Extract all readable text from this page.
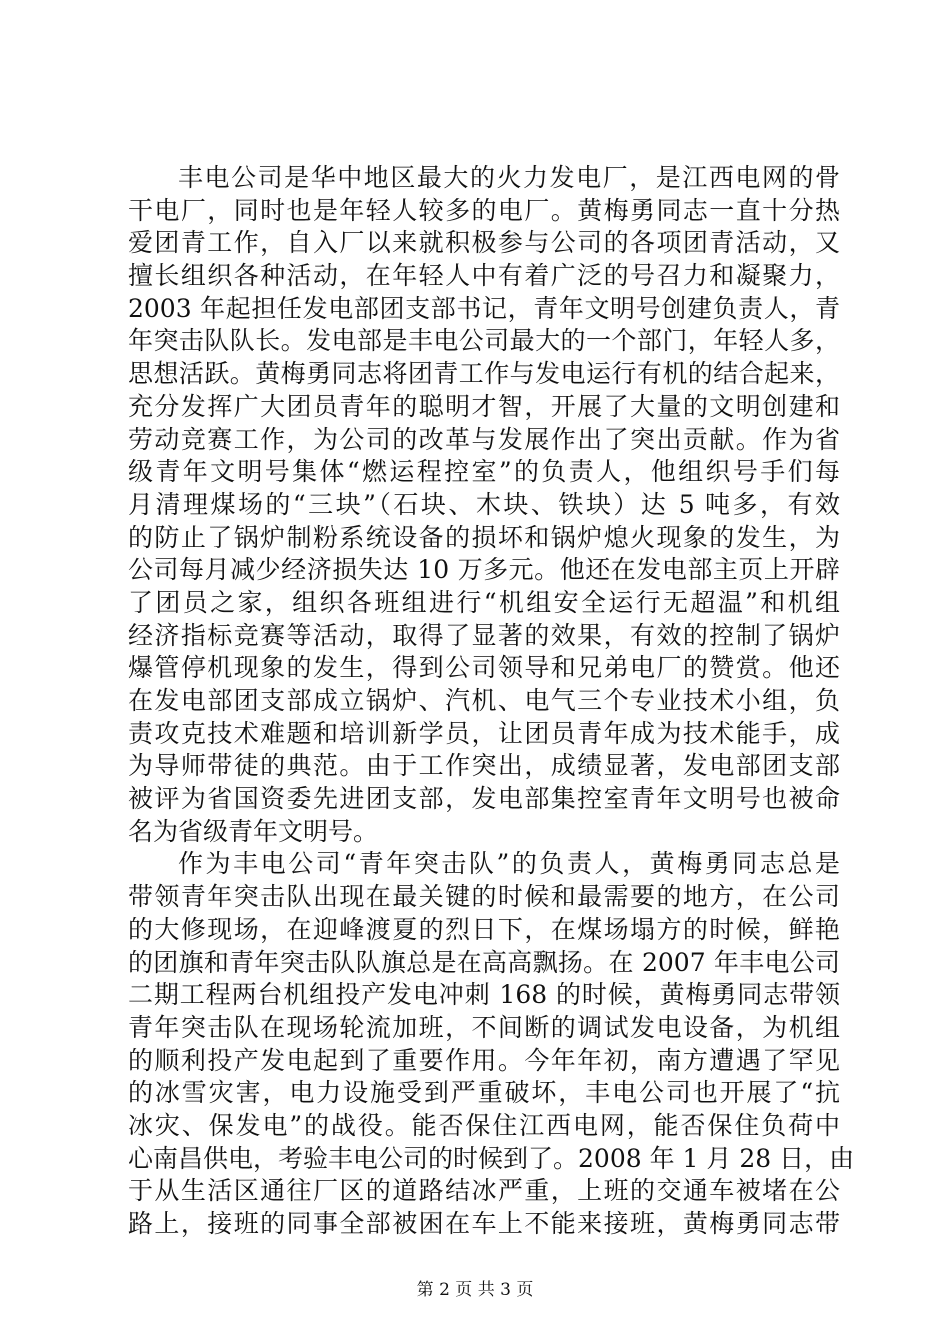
丰电公司是华中地区最大的火力发电厂，是江西电网的骨
干电厂，同时也是年轻人较多的电厂。黄梅勇同志一直十分热
爱团青工作，自入厂以来就积极参与公司的各项团青活动，又
擅长组织各种活动，在年轻人中有着广泛的号召力和凝聚力，
2003 年起担任发电部团支部书记，青年文明号创建负责人，青
年突击队队长。发电部是丰电公司最大的一个部门，年轻人多，
思想活跃。黄梅勇同志将团青工作与发电运行有机的结合起来，
充分发挥广大团员青年的聪明才智，开展了大量的文明创建和
劳动竞赛工作，为公司的改革与发展作出了突出贡献。作为省
级青年文明号集体“燃运程控室”的负责人，他组织号手们每
月清理煤场的“三块”（石块、木块、铁块）达 5 吨多，有效
的防止了锅炉制粉系统设备的损坏和锅炉熄火现象的发生，为
公司每月减少经济损失达 10 万多元。他还在发电部主页上开辟
了团员之家，组织各班组进行“机组安全运行无超温”和机组
经济指标竞赛等活动，取得了显著的效果，有效的控制了锅炉
爆管停机现象的发生，得到公司领导和兄弟电厂的赞赏。他还
在发电部团支部成立锅炉、汽机、电气三个专业技术小组，负
责攻克技术难题和培训新学员，让团员青年成为技术能手，成
为导师带徒的典范。由于工作突出，成绩显著，发电部团支部
被评为省国资委先进团支部，发电部集控室青年文明号也被命
名为省级青年文明号。
作为丰电公司“青年突击队”的负责人，黄梅勇同志总是
带领青年突击队出现在最关键的时候和最需要的地方，在公司
的大修现场，在迎峰渡夏的烈日下，在煤场塌方的时候，鲜艳
的团旗和青年突击队队旗总是在高高飘扬。在 2007 年丰电公司
二期工程两台机组投产发电冲刺 168 的时候，黄梅勇同志带领
青年突击队在现场轮流加班，不间断的调试发电设备，为机组
的顺利投产发电起到了重要作用。今年年初，南方遭遇了罕见
的冰雪灾害，电力设施受到严重破坏，丰电公司也开展了“抗
冰灾、保发电”的战役。能否保住江西电网，能否保住负荷中
心南昌供电，考验丰电公司的时候到了。2008 年 1 月 28 日，由
于从生活区通往厂区的道路结冰严重，上班的交通车被堵在公
路上，接班的同事全部被困在车上不能来接班，黄梅勇同志带
第 2 页 共 3 页
